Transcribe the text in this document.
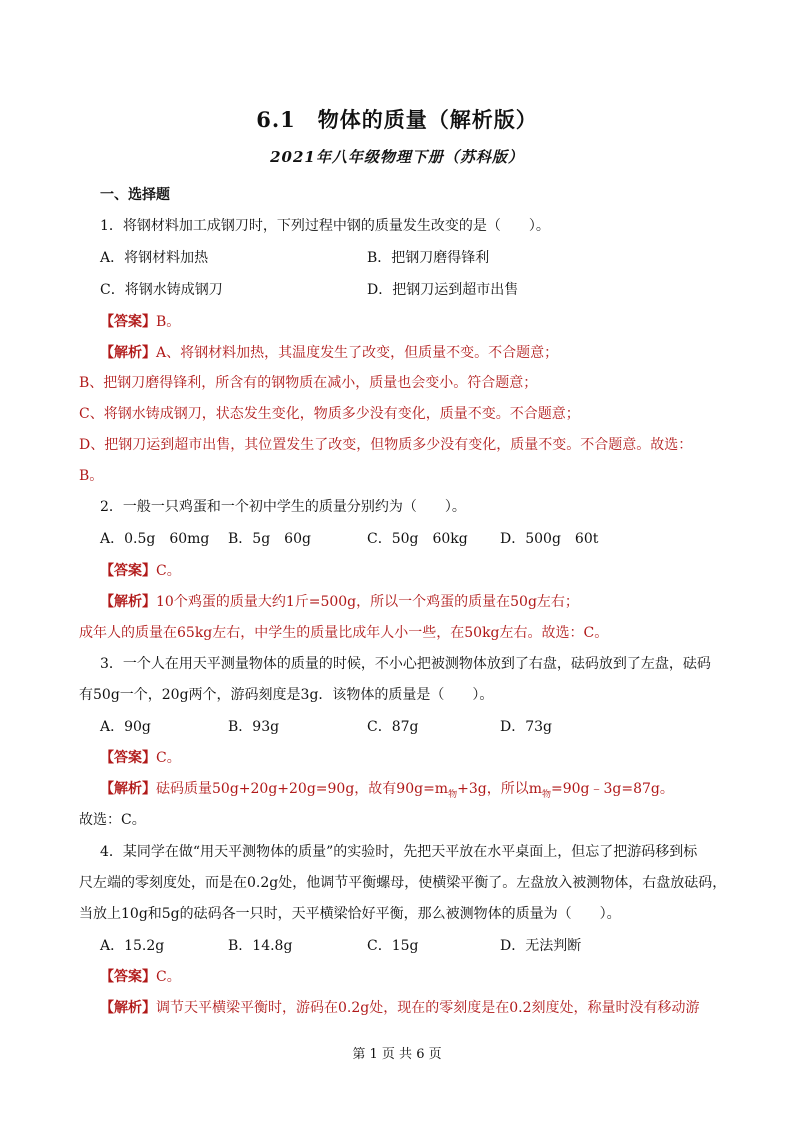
6.1　物体的质量（解析版）
2021年八年级物理下册（苏科版）
一、选择题
1．将钢材料加工成钢刀时，下列过程中钢的质量发生改变的是（　　）。
A．将钢材料加热	B．把钢刀磨得锋利
C．将钢水铸成钢刀	D．把钢刀运到超市出售
【答案】B。
【解析】A、将钢材料加热，其温度发生了改变，但质量不变。不合题意；
B、把钢刀磨得锋利，所含有的钢物质在减小，质量也会变小。符合题意；
C、将钢水铸成钢刀，状态发生变化，物质多少没有变化，质量不变。不合题意；
D、把钢刀运到超市出售，其位置发生了改变，但物质多少没有变化，质量不变。不合题意。故选：
B。
2．一般一只鸡蛋和一个初中学生的质量分别约为（　　）。
A．0.5g　60mg B．5g　60g	C．50g　60kg D．500g　60t
【答案】C。
【解析】10个鸡蛋的质量大约1斤=500g，所以一个鸡蛋的质量在50g左右；
成年人的质量在65kg左右，中学生的质量比成年人小一些，在50kg左右。故选：C。
3．一个人在用天平测量物体的质量的时候，不小心把被测物体放到了右盘，砝码放到了左盘，砝码
有50g一个，20g两个，游码刻度是3g．该物体的质量是（　　）。
A．90g	B．93g	C．87g	D．73g
【答案】C。
【解析】砝码质量50g+20g+20g=90g，故有$90g=m_物+3g$，所以$m_物=90g﹣3g=87g$。
故选：C。
4．某同学在做“用天平测物体的质量”的实验时，先把天平放在水平桌面上，但忘了把游码移到标
尺左端的零刻度处，而是在0.2g处，他调节平衡螺母，使横梁平衡了。左盘放入被测物体，右盘放砝码，
当放上10g和5g的砝码各一只时，天平横梁恰好平衡，那么被测物体的质量为（　　）。
A．15.2g	B．14.8g	C．15g	D．无法判断
【答案】C。
【解析】调节天平横梁平衡时，游码在0.2g处，现在的零刻度是在0.2刻度处，称量时没有移动游
第 1 页 共 6 页
